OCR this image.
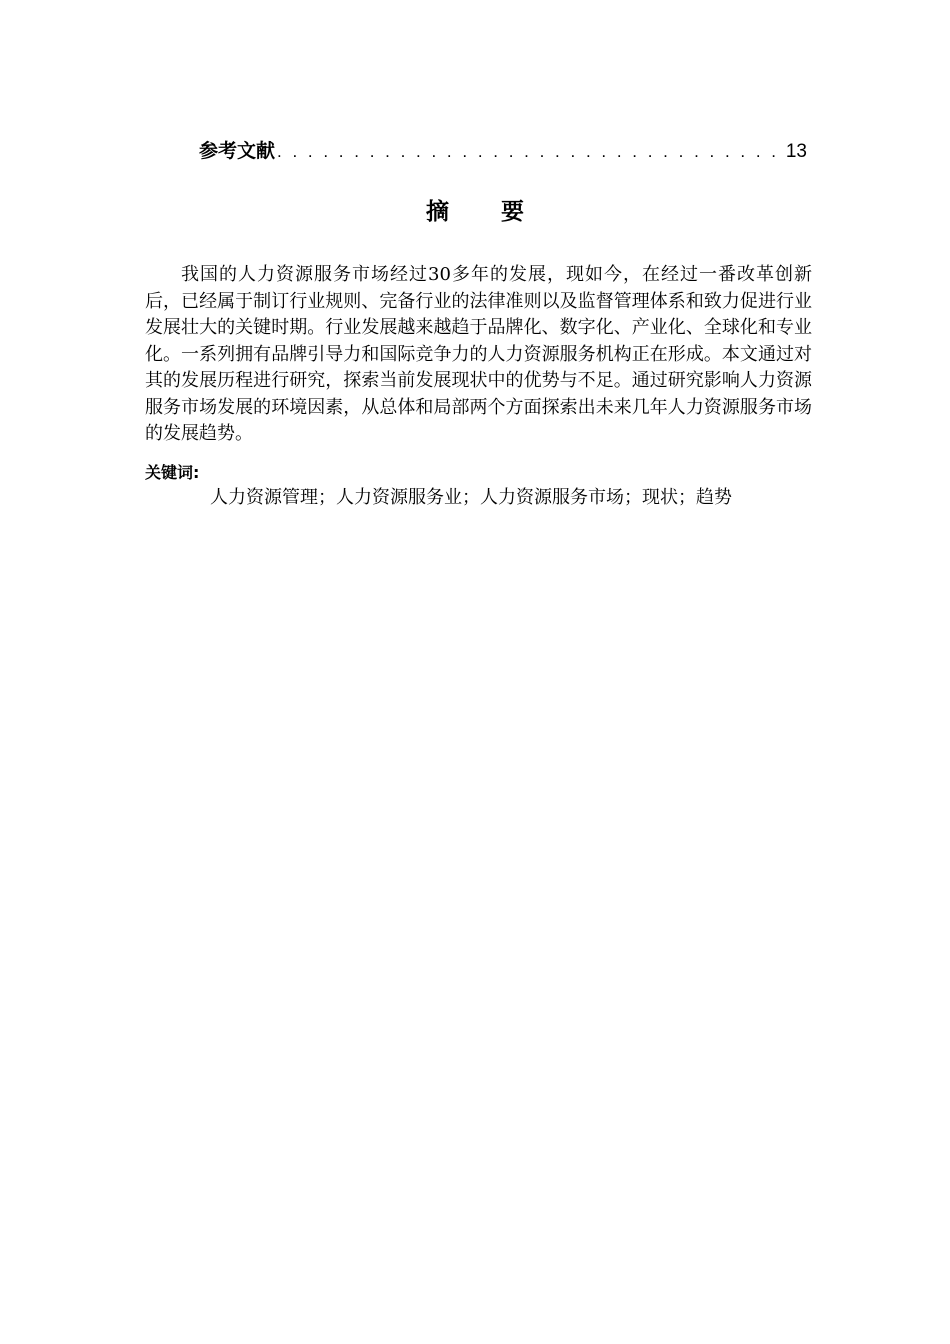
参考文献
. . .	13
摘 要

我国的人力资源服务市场经过30多年的发展，现如今，在经过一番改革创新后，已经属于制订行业规则、完备行业的法律准则以及监督管理体系和致力促进行业发展壮大的关键时期。行业发展越来越趋于品牌化、数字化、产业化、全球化和专业化。一系列拥有品牌引导力和国际竞争力的人力资源服务机构正在形成。本文通过对其的发展历程进行研究，探索当前发展现状中的优势与不足。通过研究影响人力资源服务市场发展的环境因素，从总体和局部两个方面探索出未来几年人力资源服务市场的发展趋势。

关键词:
人力资源管理；人力资源服务业；人力资源服务市场；现状；趋势
